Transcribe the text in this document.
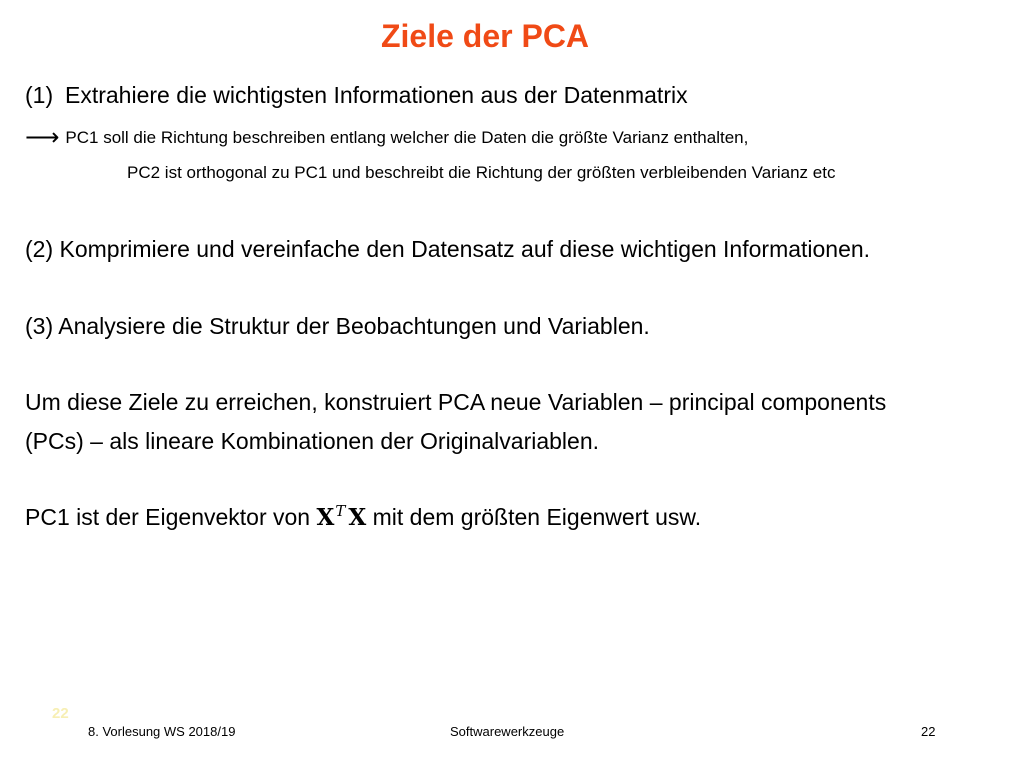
Ziele der PCA
(1) Extrahiere die wichtigsten Informationen aus der Datenmatrix
⟶ PC1 soll die Richtung beschreiben entlang welcher die Daten die größte Varianz enthalten,
PC2 ist orthogonal zu PC1 und beschreibt die Richtung der größten verbleibenden Varianz etc
(2) Komprimiere und vereinfache den Datensatz auf diese wichtigen Informationen.
(3) Analysiere die Struktur der Beobachtungen und Variablen.
Um diese Ziele zu erreichen, konstruiert PCA neue Variablen – principal components
(PCs) – als lineare Kombinationen der Originalvariablen.
PC1 ist der Eigenvektor von $X^T$ X mit dem größten Eigenwert usw.
22
8. Vorlesung WS 2018/19	Softwarewerkzeuge	22
